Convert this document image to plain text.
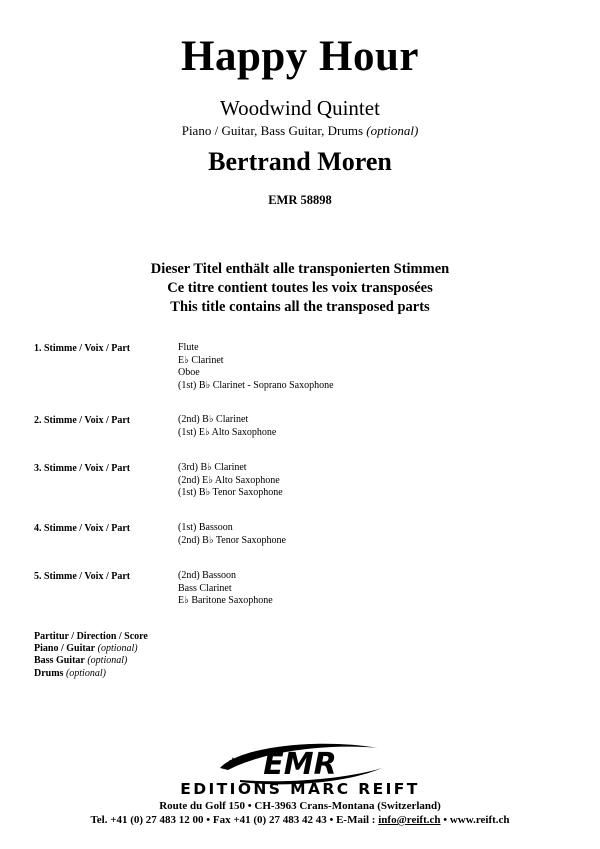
Happy Hour
Woodwind Quintet
Piano / Guitar, Bass Guitar, Drums (optional)
Bertrand Moren
EMR 58898
Dieser Titel enthält alle transponierten Stimmen
Ce titre contient toutes les voix transposées
This title contains all the transposed parts
1. Stimme / Voix / Part	Flute
E♭ Clarinet
Oboe
(1st) B♭ Clarinet - Soprano Saxophone
2. Stimme / Voix / Part	(2nd) B♭ Clarinet
(1st) E♭ Alto Saxophone
3. Stimme / Voix / Part	(3rd) B♭ Clarinet
(2nd) E♭ Alto Saxophone
(1st) B♭ Tenor Saxophone
4. Stimme / Voix / Part	(1st) Bassoon
(2nd) B♭ Tenor Saxophone
5. Stimme / Voix / Part	(2nd) Bassoon
Bass Clarinet
E♭ Baritone Saxophone
Partitur / Direction / Score
Piano / Guitar (optional)
Bass Guitar (optional)
Drums (optional)
EMR
EDITIONS MARC REIFT
Route du Golf 150 • CH-3963 Crans-Montana (Switzerland)
Tel. +41 (0) 27 483 12 00 • Fax +41 (0) 27 483 42 43 • E-Mail : info@reift.ch • www.reift.ch
